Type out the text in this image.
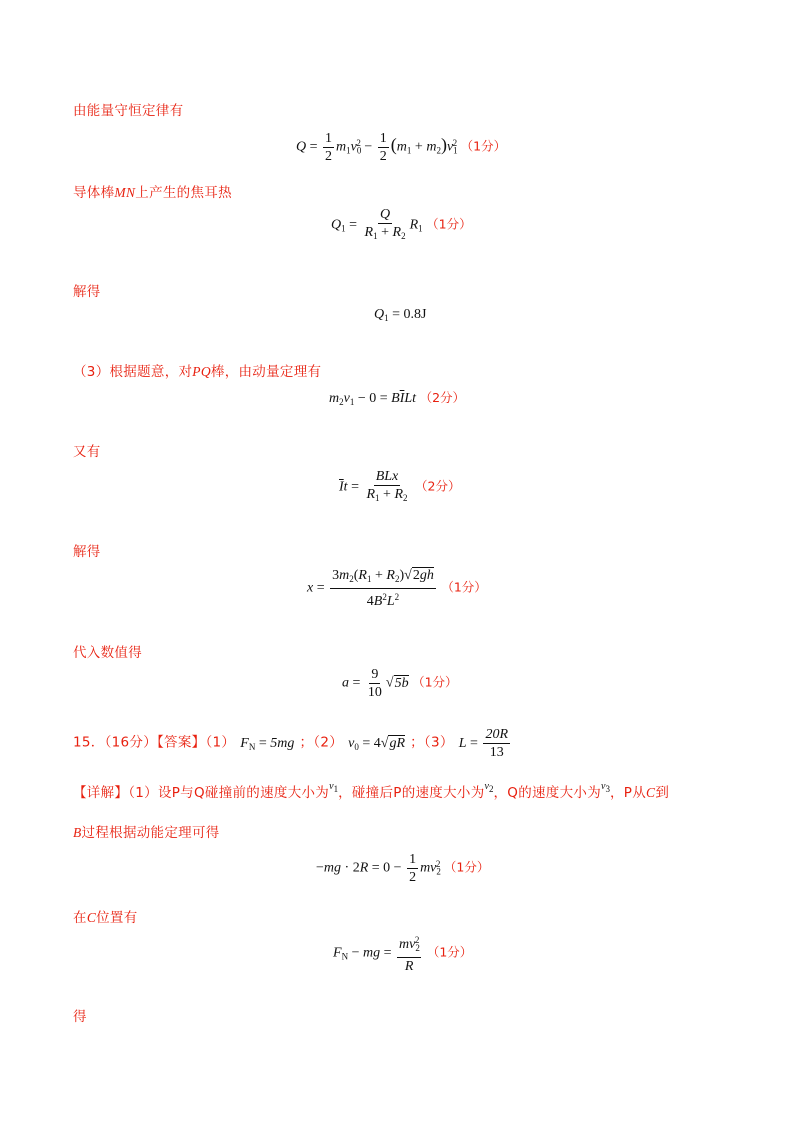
由能量守恒定律有
$Q = \frac{1}{2} m_1v_0^2 - \frac{1}{2} (m_1 + m_2)v_1^2$ （1分）
导体棒MN上产生的焦耳热
$Q_1 = \frac{Q}{R_1 + R_2} R_1$ （1分）
解得
$Q_1 = 0.8J$
（3）根据题意，对PQ棒，由动量定理有
$m_2v_1 - 0 = B\overline{I}Lt$ （2分）
又有
$\overline{I}t = \frac{\text{BLx}}{R_1 + R_2} (2$分）
解得
$x = \frac{3m_2(R_1 + R_2)√2gh}{4B^2L^2} (1$分）
代入数值得
$a = \frac{9}{10} √5b$ （1分）
15．（16分）【答案】（1） $F_N = 5mg$ ；（2） $v_0 = 4√gR$ ；（3） $L = \frac{20R}{13}$
【详解】（1）设P与Q碰撞前的速度大小为$^{v_1}$，碰撞后P的速度大小为$^{v_2}$，Q的速度大小为$^{v_3}$，P从C到
B过程根据动能定理可得
$-mg \cdot 2R = 0 - \frac{1}{2} mv_2^2$ （1分）
在C位置有
$F_N$ − mg = $\frac{mv_2^2}{R} (1$分）
得
